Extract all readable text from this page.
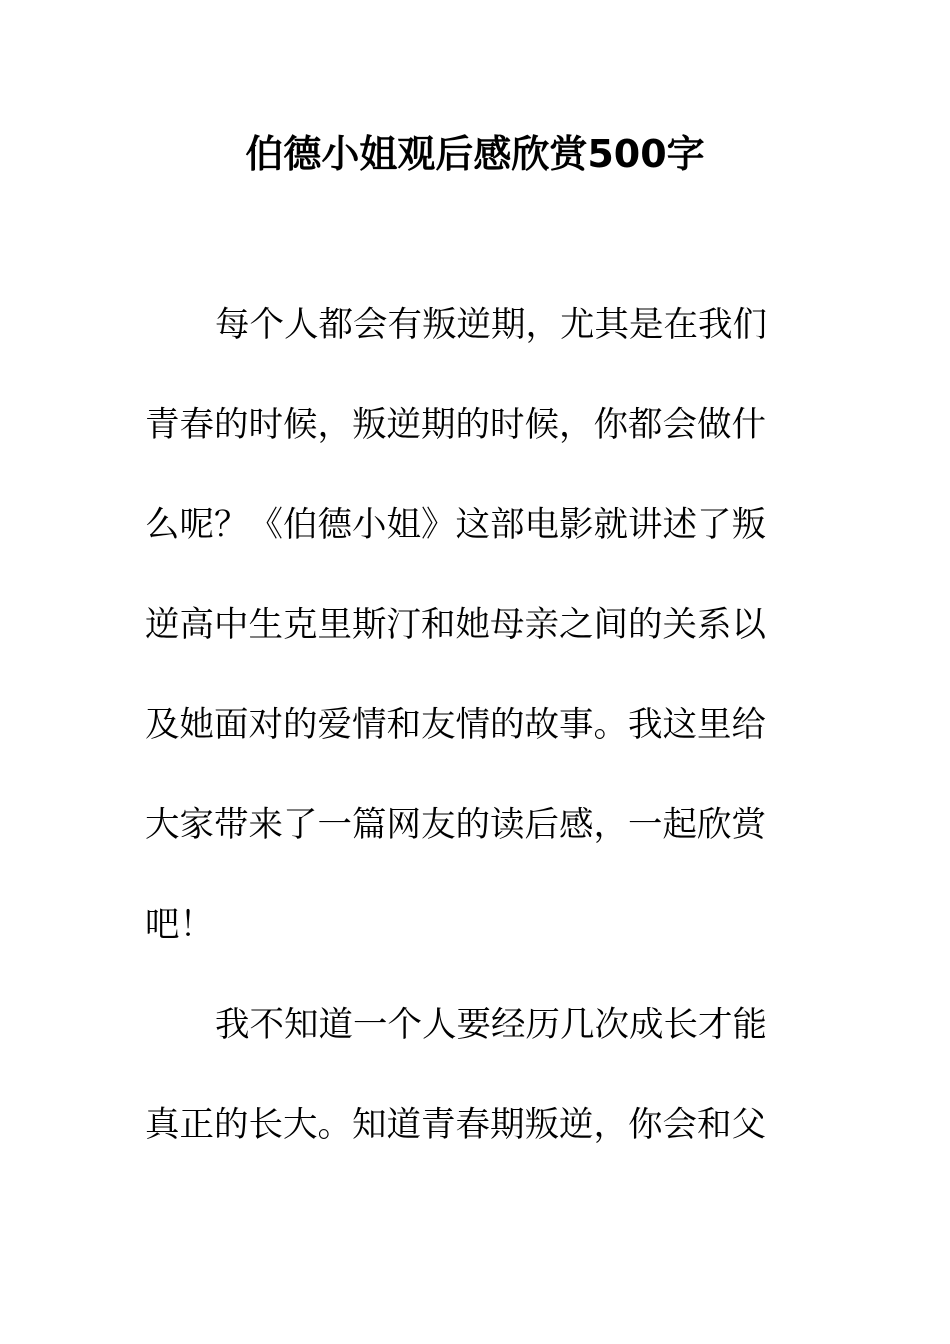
伯德小姐观后感欣赏500字
每个人都会有叛逆期，尤其是在我们
青春的时候，叛逆期的时候，你都会做什
么呢？《伯德小姐》这部电影就讲述了叛
逆高中生克里斯汀和她母亲之间的关系以
及她面对的爱情和友情的故事。我这里给
大家带来了一篇网友的读后感，一起欣赏
吧！
我不知道一个人要经历几次成长才能
真正的长大。知道青春期叛逆，你会和父
